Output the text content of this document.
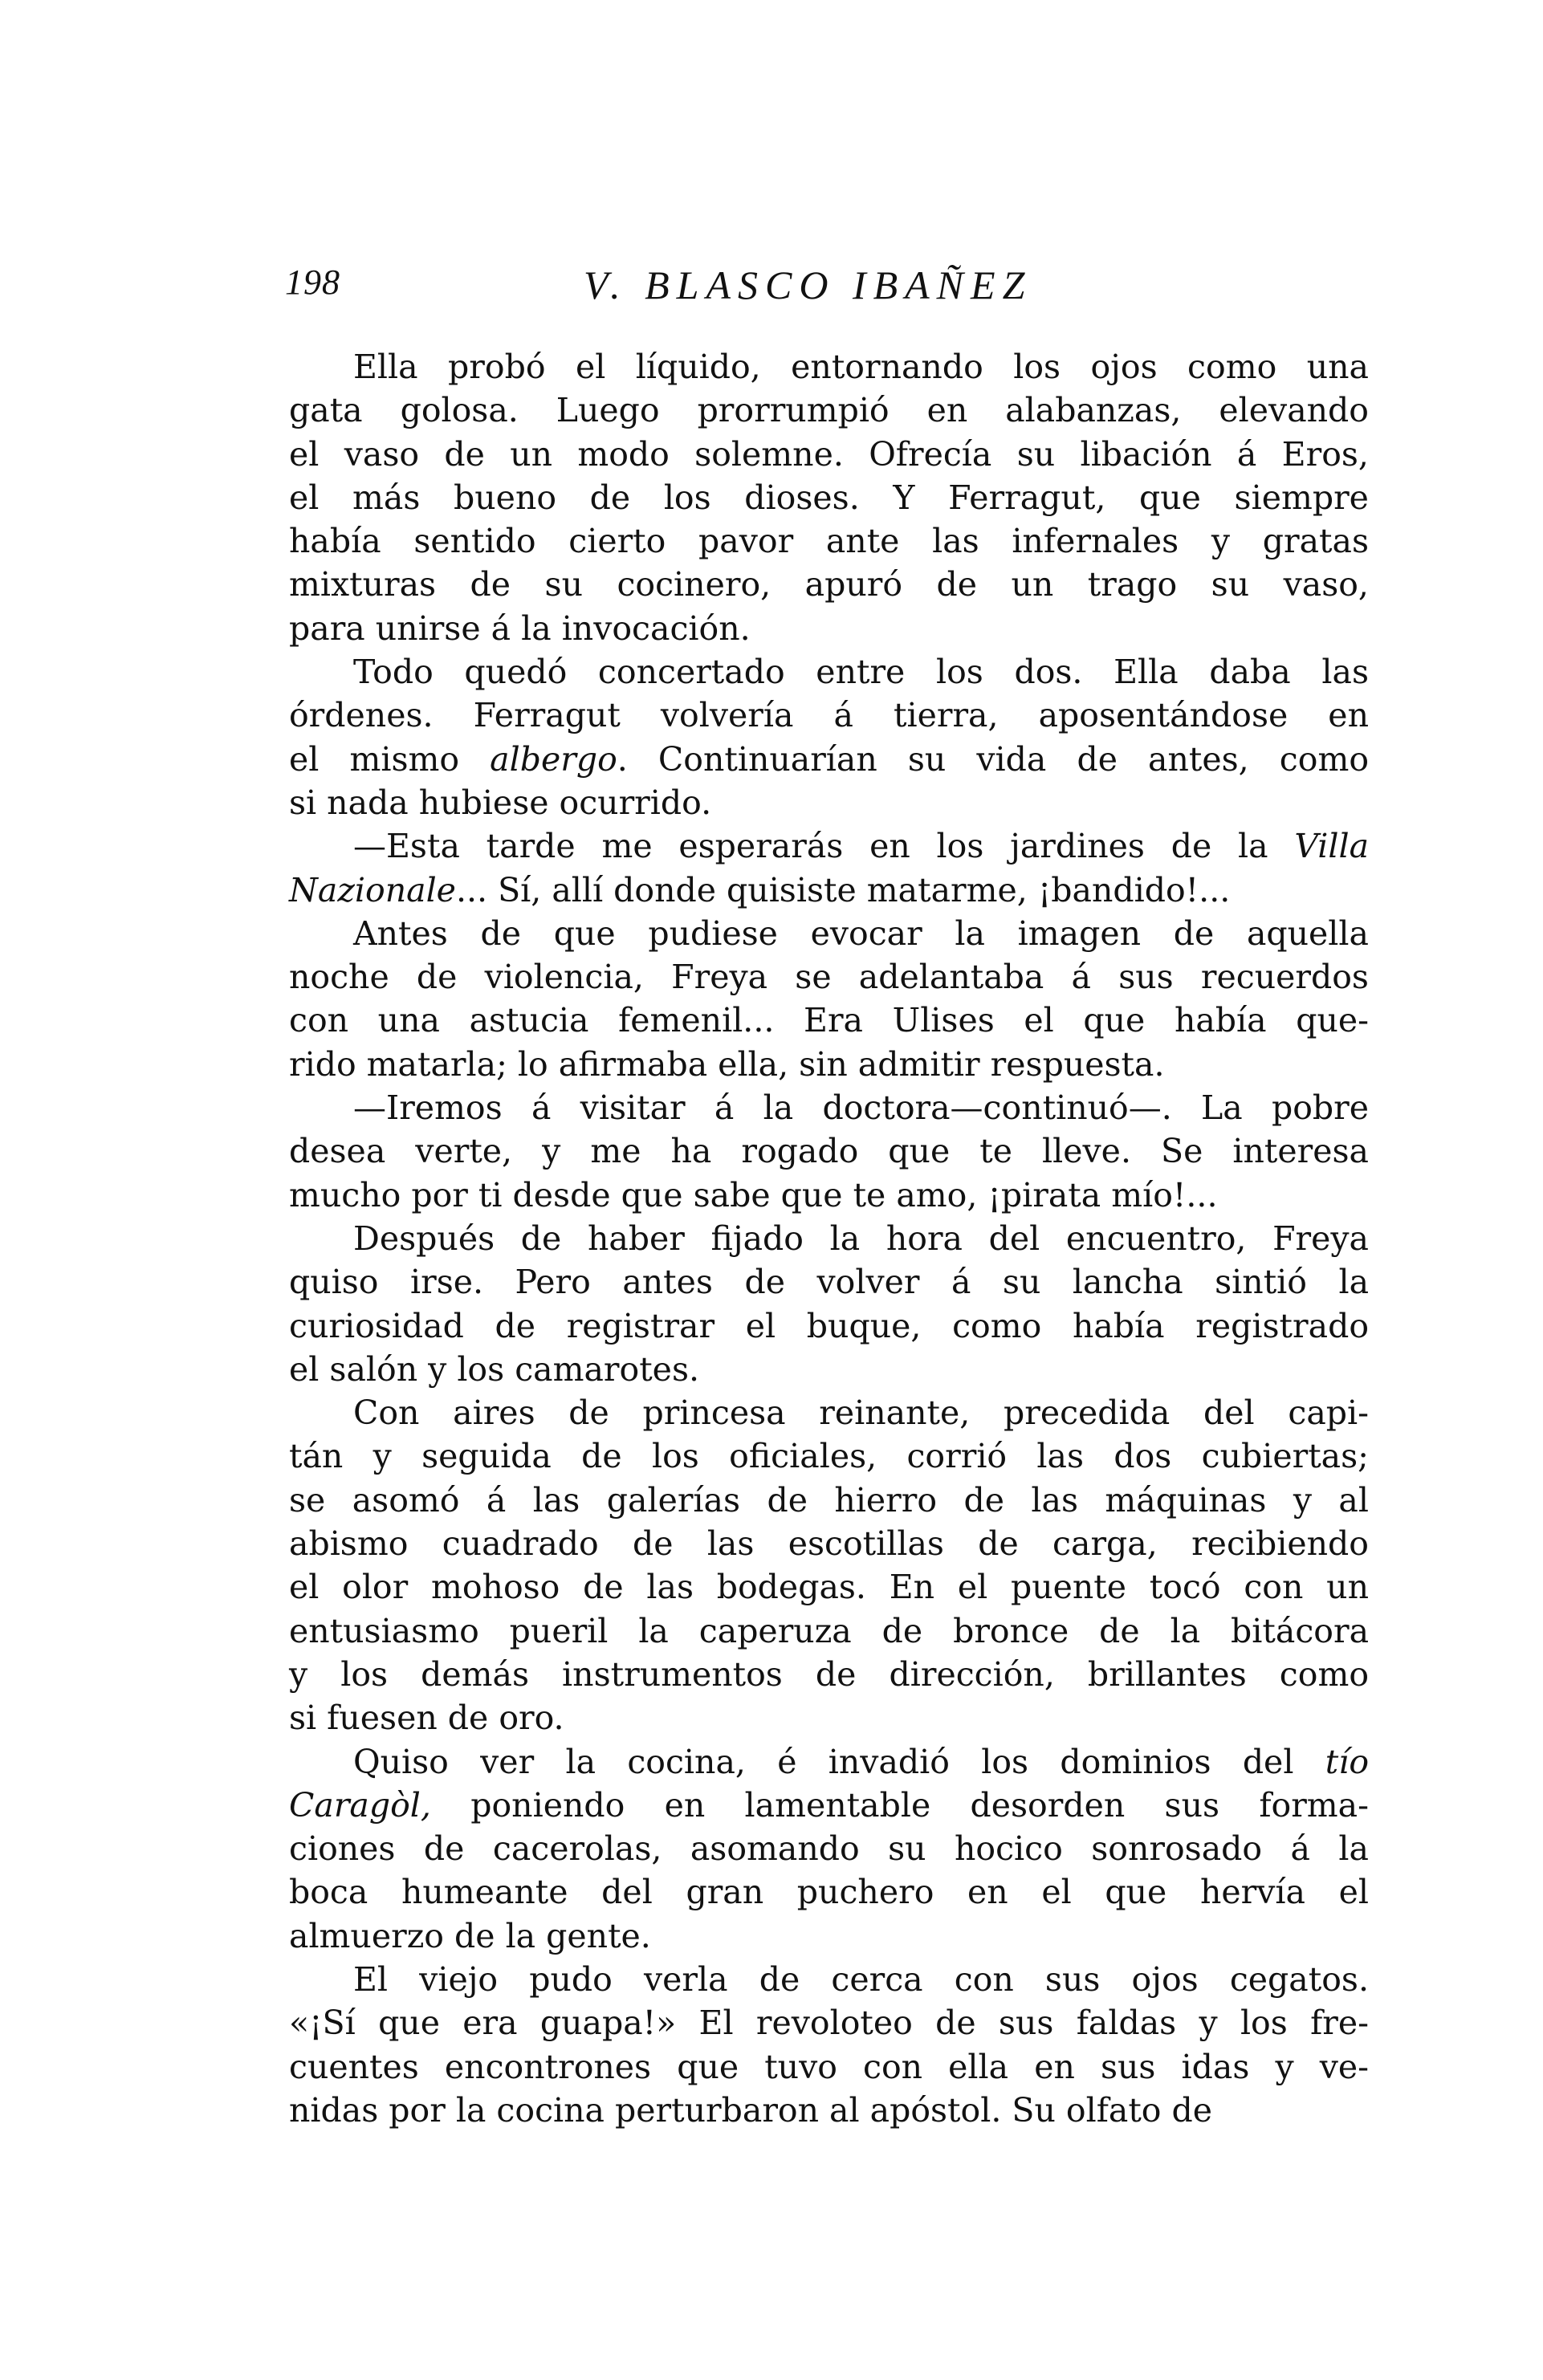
198	V. BLASCO IBAÑEZ
Ella probó el líquido, entornando los ojos como una
gata golosa. Luego prorrumpió en alabanzas, elevando
el vaso de un modo solemne. Ofrecía su libación á Eros,
el más bueno de los dioses. Y Ferragut, que siempre
había sentido cierto pavor ante las infernales y gratas
mixturas de su cocinero, apuró de un trago su vaso,
para unirse á la invocación.
Todo quedó concertado entre los dos. Ella daba las
órdenes. Ferragut volvería á tierra, aposentándose en
el mismo albergo. Continuarían su vida de antes, como
si nada hubiese ocurrido.
—Esta tarde me esperarás en los jardines de la Villa
Nazionale... Sí, allí donde quisiste matarme, ¡bandido!...
Antes de que pudiese evocar la imagen de aquella
noche de violencia, Freya se adelantaba á sus recuerdos
con una astucia femenil... Era Ulises el que había que-
rido matarla; lo afirmaba ella, sin admitir respuesta.
—Iremos á visitar á la doctora—continuó—. La pobre
desea verte, y me ha rogado que te lleve. Se interesa
mucho por ti desde que sabe que te amo, ¡pirata mío!...
Después de haber fijado la hora del encuentro, Freya
quiso irse. Pero antes de volver á su lancha sintió la
curiosidad de registrar el buque, como había registrado
el salón y los camarotes.
Con aires de princesa reinante, precedida del capi-
tán y seguida de los oficiales, corrió las dos cubiertas;
se asomó á las galerías de hierro de las máquinas y al
abismo cuadrado de las escotillas de carga, recibiendo
el olor mohoso de las bodegas. En el puente tocó con un
entusiasmo pueril la caperuza de bronce de la bitácora
y los demás instrumentos de dirección, brillantes como
si fuesen de oro.
Quiso ver la cocina, é invadió los dominios del tío
Caragòl, poniendo en lamentable desorden sus forma-
ciones de cacerolas, asomando su hocico sonrosado á la
boca humeante del gran puchero en el que hervía el
almuerzo de la gente.
El viejo pudo verla de cerca con sus ojos cegatos.
«¡Sí que era guapa!» El revoloteo de sus faldas y los fre-
cuentes encontrones que tuvo con ella en sus idas y ve-
nidas por la cocina perturbaron al apóstol. Su olfato de
